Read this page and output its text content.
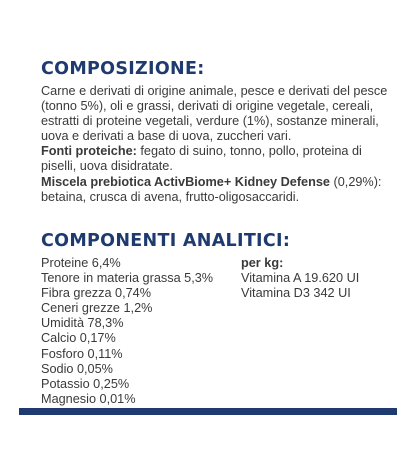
COMPOSIZIONE:

Carne e derivati di origine animale, pesce e derivati del pesce (tonno 5%), oli e grassi, derivati di origine vegetale, cereali, estratti di proteine vegetali, verdure (1%), sostanze minerali, uova e derivati a base di uova, zuccheri vari.

Fonti proteiche: fegato di suino, tonno, pollo, proteina di piselli, uova disidratate.

Miscela prebiotica ActivBiome+ Kidney Defense (0,29%): betaina, crusca di avena, frutto-oligosaccaridi.

COMPONENTI ANALITICI:
Proteine 6,4%
Tenore in materia grassa 5,3%
Fibra grezza 0,74%
Ceneri grezze 1,2%
Umidità 78,3%
Calcio 0,17%
Fosforo 0,11%
Sodio 0,05%
Potassio 0,25%
Magnesio 0,01%
per kg:
Vitamina A 19.620 UI
Vitamina D3 342 UI
